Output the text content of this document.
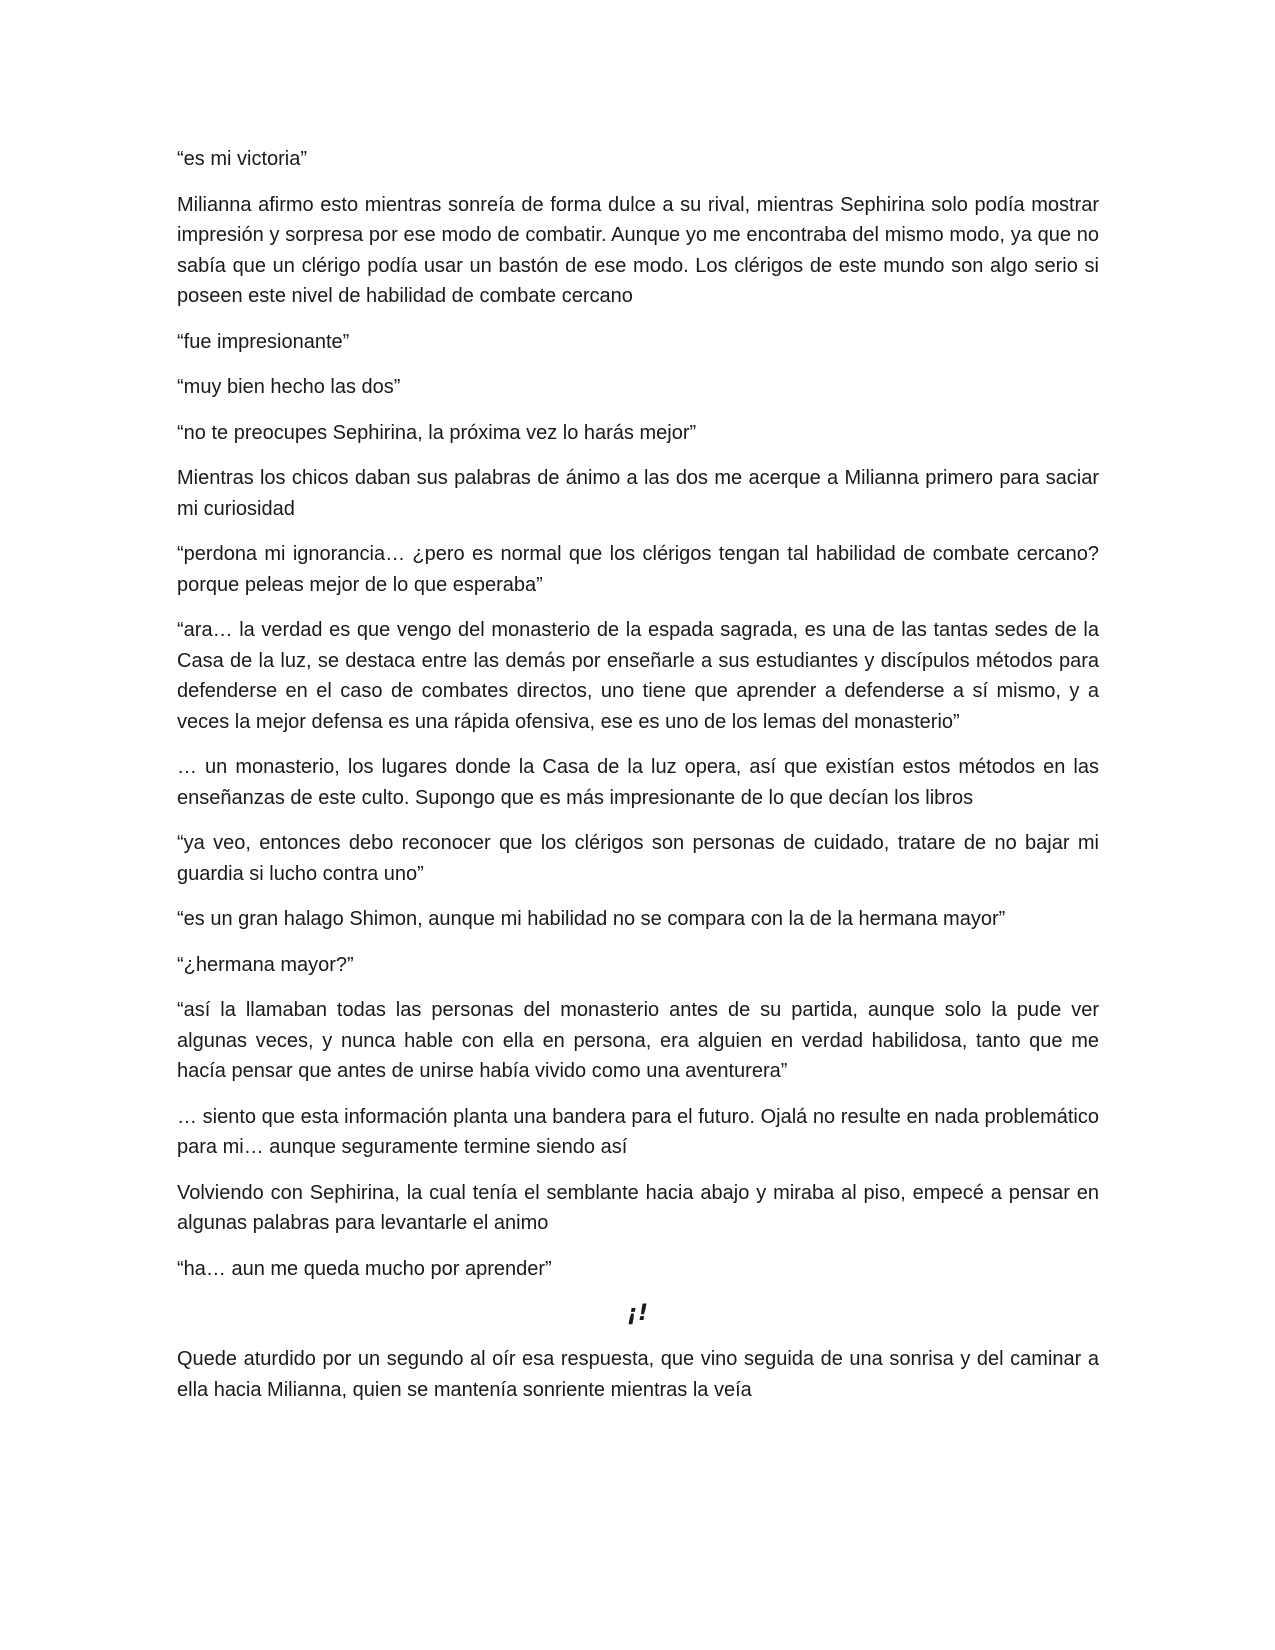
“es mi victoria”

Milianna afirmo esto mientras sonreía de forma dulce a su rival, mientras Sephirina solo podía mostrar impresión y sorpresa por ese modo de combatir. Aunque yo me encontraba del mismo modo, ya que no sabía que un clérigo podía usar un bastón de ese modo. Los clérigos de este mundo son algo serio si poseen este nivel de habilidad de combate cercano

“fue impresionante”

“muy bien hecho las dos”

“no te preocupes Sephirina, la próxima vez lo harás mejor”

Mientras los chicos daban sus palabras de ánimo a las dos me acerque a Milianna primero para saciar mi curiosidad

“perdona mi ignorancia… ¿pero es normal que los clérigos tengan tal habilidad de combate cercano? porque peleas mejor de lo que esperaba”

“ara… la verdad es que vengo del monasterio de la espada sagrada, es una de las tantas sedes de la Casa de la luz, se destaca entre las demás por enseñarle a sus estudiantes y discípulos métodos para defenderse en el caso de combates directos, uno tiene que aprender a defenderse a sí mismo, y a veces la mejor defensa es una rápida ofensiva, ese es uno de los lemas del monasterio”

… un monasterio, los lugares donde la Casa de la luz opera, así que existían estos métodos en las enseñanzas de este culto. Supongo que es más impresionante de lo que decían los libros

“ya veo, entonces debo reconocer que los clérigos son personas de cuidado, tratare de no bajar mi guardia si lucho contra uno”

“es un gran halago Shimon, aunque mi habilidad no se compara con la de la hermana mayor”

“¿hermana mayor?”

“así la llamaban todas las personas del monasterio antes de su partida, aunque solo la pude ver algunas veces, y nunca hable con ella en persona, era alguien en verdad habilidosa, tanto que me hacía pensar que antes de unirse había vivido como una aventurera”

… siento que esta información planta una bandera para el futuro. Ojalá no resulte en nada problemático para mi… aunque seguramente termine siendo así

Volviendo con Sephirina, la cual tenía el semblante hacia abajo y miraba al piso, empecé a pensar en algunas palabras para levantarle el animo

“ha… aun me queda mucho por aprender”

¡!

Quede aturdido por un segundo al oír esa respuesta, que vino seguida de una sonrisa y del caminar a ella hacia Milianna, quien se mantenía sonriente mientras la veía
